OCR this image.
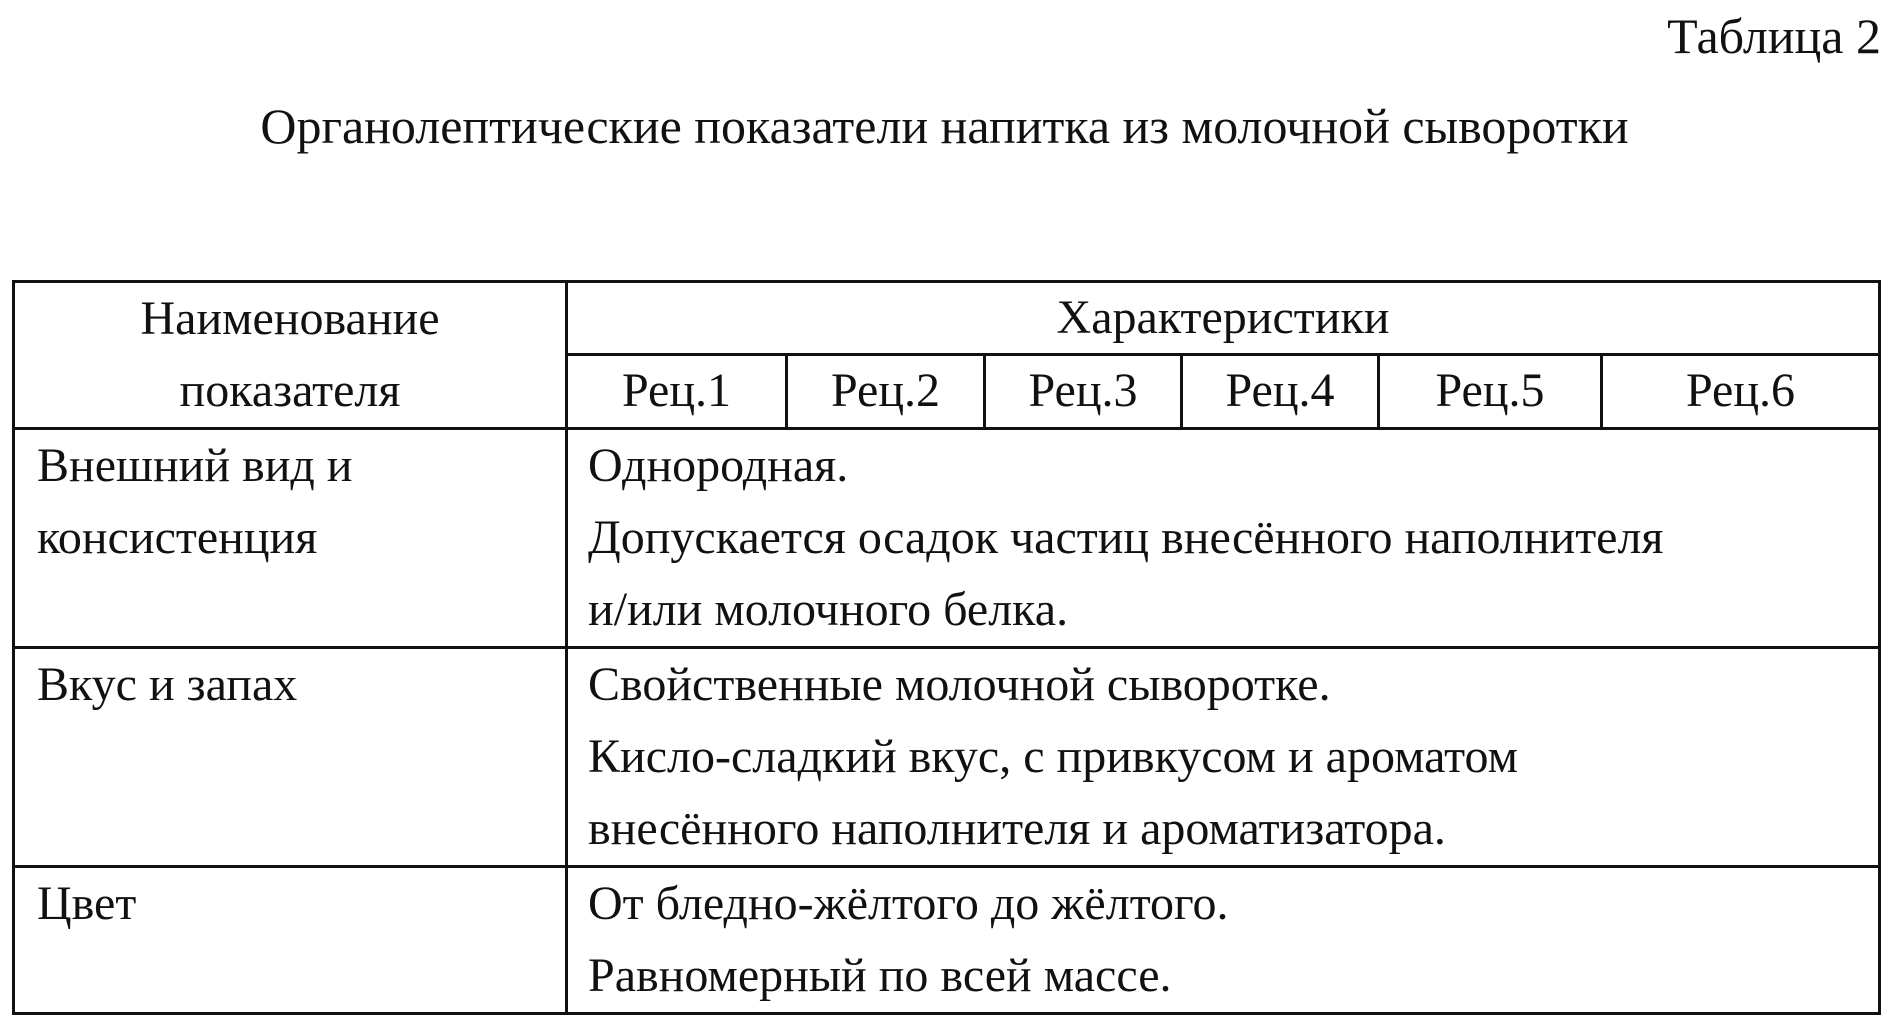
Таблица 2
Органолептические показатели напитка из молочной сыворотки
Наименование
показателя	Характеристики					
	Рец.1	Рец.2	Рец.3	Рец.4	Рец.5	Рец.6

Внешний вид и
консистенция	Однородная.
Допускается осадок частиц внесённого наполнителя
и/или молочного белка.					

Вкус и запах	Свойственные молочной сыворотке.
Кисло-сладкий вкус, с привкусом и ароматом
внесённого наполнителя и ароматизатора.					

Цвет	От бледно-жёлтого до жёлтого.
Равномерный по всей массе.					
